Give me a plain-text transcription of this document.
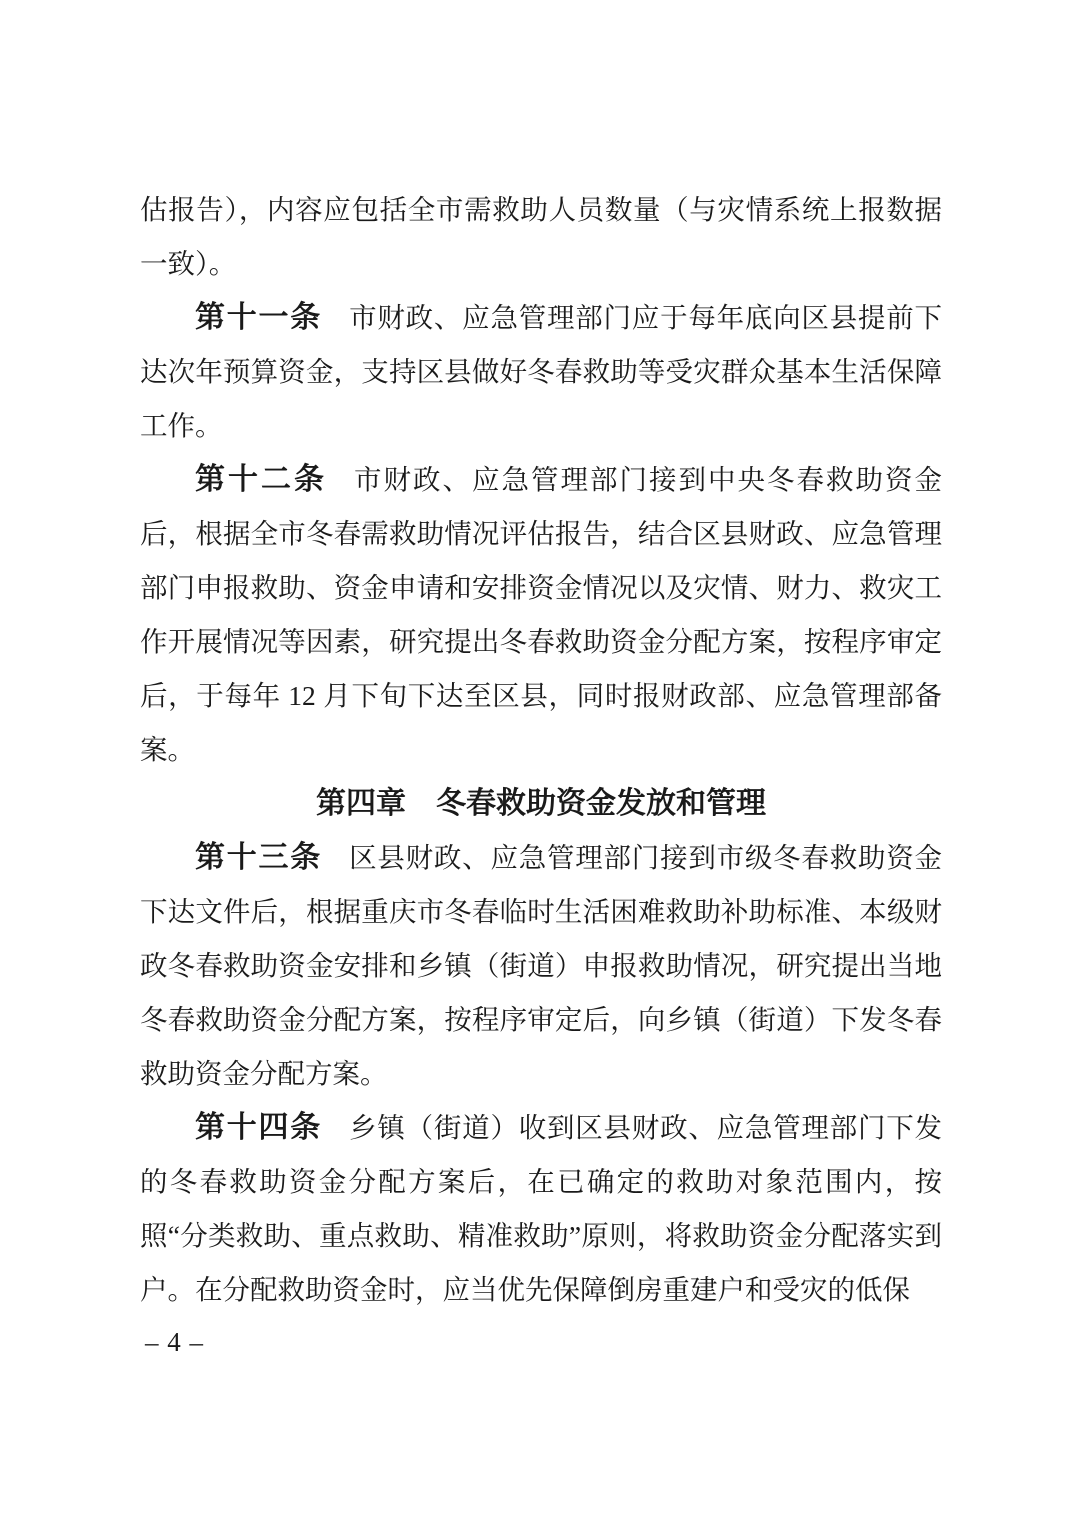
估报告），内容应包括全市需救助人员数量（与灾情系统上报数据一致）。

第十一条 市财政、应急管理部门应于每年底向区县提前下达次年预算资金，支持区县做好冬春救助等受灾群众基本生活保障工作。

第十二条 市财政、应急管理部门接到中央冬春救助资金后，根据全市冬春需救助情况评估报告，结合区县财政、应急管理部门申报救助、资金申请和安排资金情况以及灾情、财力、救灾工作开展情况等因素，研究提出冬春救助资金分配方案，按程序审定后，于每年 12 月下旬下达至区县，同时报财政部、应急管理部备案。

第四章　冬春救助资金发放和管理

第十三条 区县财政、应急管理部门接到市级冬春救助资金下达文件后，根据重庆市冬春临时生活困难救助补助标准、本级财政冬春救助资金安排和乡镇（街道）申报救助情况，研究提出当地冬春救助资金分配方案，按程序审定后，向乡镇（街道）下发冬春救助资金分配方案。

第十四条 乡镇（街道）收到区县财政、应急管理部门下发的冬春救助资金分配方案后，在已确定的救助对象范围内，按照“分类救助、重点救助、精准救助”原则，将救助资金分配落实到户。在分配救助资金时，应当优先保障倒房重建户和受灾的低保

– 4 –
